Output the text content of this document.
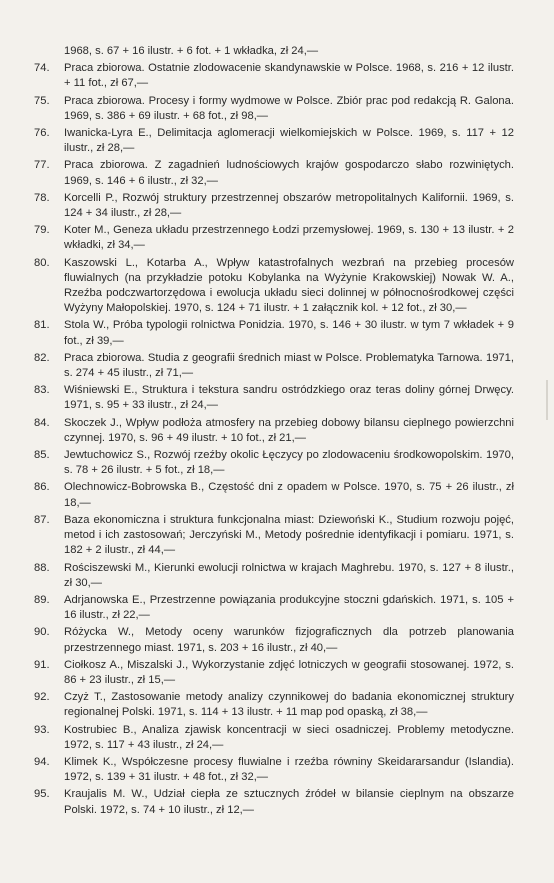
1968, s. 67 + 16 ilustr. + 6 fot. + 1 wkładka, zł 24,—

74.	Praca zbiorowa. Ostatnie zlodowacenie skandynawskie w Polsce. 1968, s. 216 + 12 ilustr. + 11 fot., zł 67,—
75.	Praca zbiorowa. Procesy i formy wydmowe w Polsce. Zbiór prac pod redakcją R. Galona. 1969, s. 386 + 69 ilustr. + 68 fot., zł 98,—
76.	Iwanicka-Lyra E., Delimitacja aglomeracji wielkomiejskich w Polsce. 1969, s. 117 + 12 ilustr., zł 28,—
77.	Praca zbiorowa. Z zagadnień ludnościowych krajów gospodarczo słabo rozwiniętych. 1969, s. 146 + 6 ilustr., zł 32,—
78.	Korcelli P., Rozwój struktury przestrzennej obszarów metropolitalnych Kalifornii. 1969, s. 124 + 34 ilustr., zł 28,—
79.	Koter M., Geneza układu przestrzennego Łodzi przemysłowej. 1969, s. 130 + 13 ilustr. + 2 wkładki, zł 34,—
80.	Kaszowski L., Kotarba A., Wpływ katastrofalnych wezbrań na przebieg procesów fluwialnych (na przykładzie potoku Kobylanka na Wyżynie Krakowskiej) Nowak W. A., Rzeźba podczwartorzędowa i ewolucja układu sieci dolinnej w północnośrodkowej części Wyżyny Małopolskiej. 1970, s. 124 + 71 ilustr. + 1 załącznik kol. + 12 fot., zł 30,—
81.	Stola W., Próba typologii rolnictwa Ponidzia. 1970, s. 146 + 30 ilustr. w tym 7 wkładek + 9 fot., zł 39,—
82.	Praca zbiorowa. Studia z geografii średnich miast w Polsce. Problematyka Tarnowa. 1971, s. 274 + 45 ilustr., zł 71,—
83.	Wiśniewski E., Struktura i tekstura sandru ostródzkiego oraz teras doliny górnej Drwęcy. 1971, s. 95 + 33 ilustr., zł 24,—
84.	Skoczek J., Wpływ podłoża atmosfery na przebieg dobowy bilansu cieplnego powierzchni czynnej. 1970, s. 96 + 49 ilustr. + 10 fot., zł 21,—
85.	Jewtuchowicz S., Rozwój rzeźby okolic Łęczycy po zlodowaceniu środkowopolskim. 1970, s. 78 + 26 ilustr. + 5 fot., zł 18,—
86.	Olechnowicz-Bobrowska B., Częstość dni z opadem w Polsce. 1970, s. 75 + 26 ilustr., zł 18,—
87.	Baza ekonomiczna i struktura funkcjonalna miast: Dziewoński K., Studium rozwoju pojęć, metod i ich zastosowań; Jerczyński M., Metody pośrednie identyfikacji i pomiaru. 1971, s. 182 + 2 ilustr., zł 44,—
88.	Rościszewski M., Kierunki ewolucji rolnictwa w krajach Maghrebu. 1970, s. 127 + 8 ilustr., zł 30,—
89.	Adrjanowska E., Przestrzenne powiązania produkcyjne stoczni gdańskich. 1971, s. 105 + 16 ilustr., zł 22,—
90.	Różycka W., Metody oceny warunków fizjograficznych dla potrzeb planowania przestrzennego miast. 1971, s. 203 + 16 ilustr., zł 40,—
91.	Ciołkosz A., Miszalski J., Wykorzystanie zdjęć lotniczych w geografii stosowanej. 1972, s. 86 + 23 ilustr., zł 15,—
92.	Czyż T., Zastosowanie metody analizy czynnikowej do badania ekonomicznej struktury regionalnej Polski. 1971, s. 114 + 13 ilustr. + 11 map pod opaską, zł 38,—
93.	Kostrubiec B., Analiza zjawisk koncentracji w sieci osadniczej. Problemy metodyczne. 1972, s. 117 + 43 ilustr., zł 24,—
94.	Klimek K., Współczesne procesy fluwialne i rzeźba równiny Skeidararsandur (Islandia). 1972, s. 139 + 31 ilustr. + 48 fot., zł 32,—
95.	Kraujalis M. W., Udział ciepła ze sztucznych źródeł w bilansie cieplnym na obszarze Polski. 1972, s. 74 + 10 ilustr., zł 12,—
